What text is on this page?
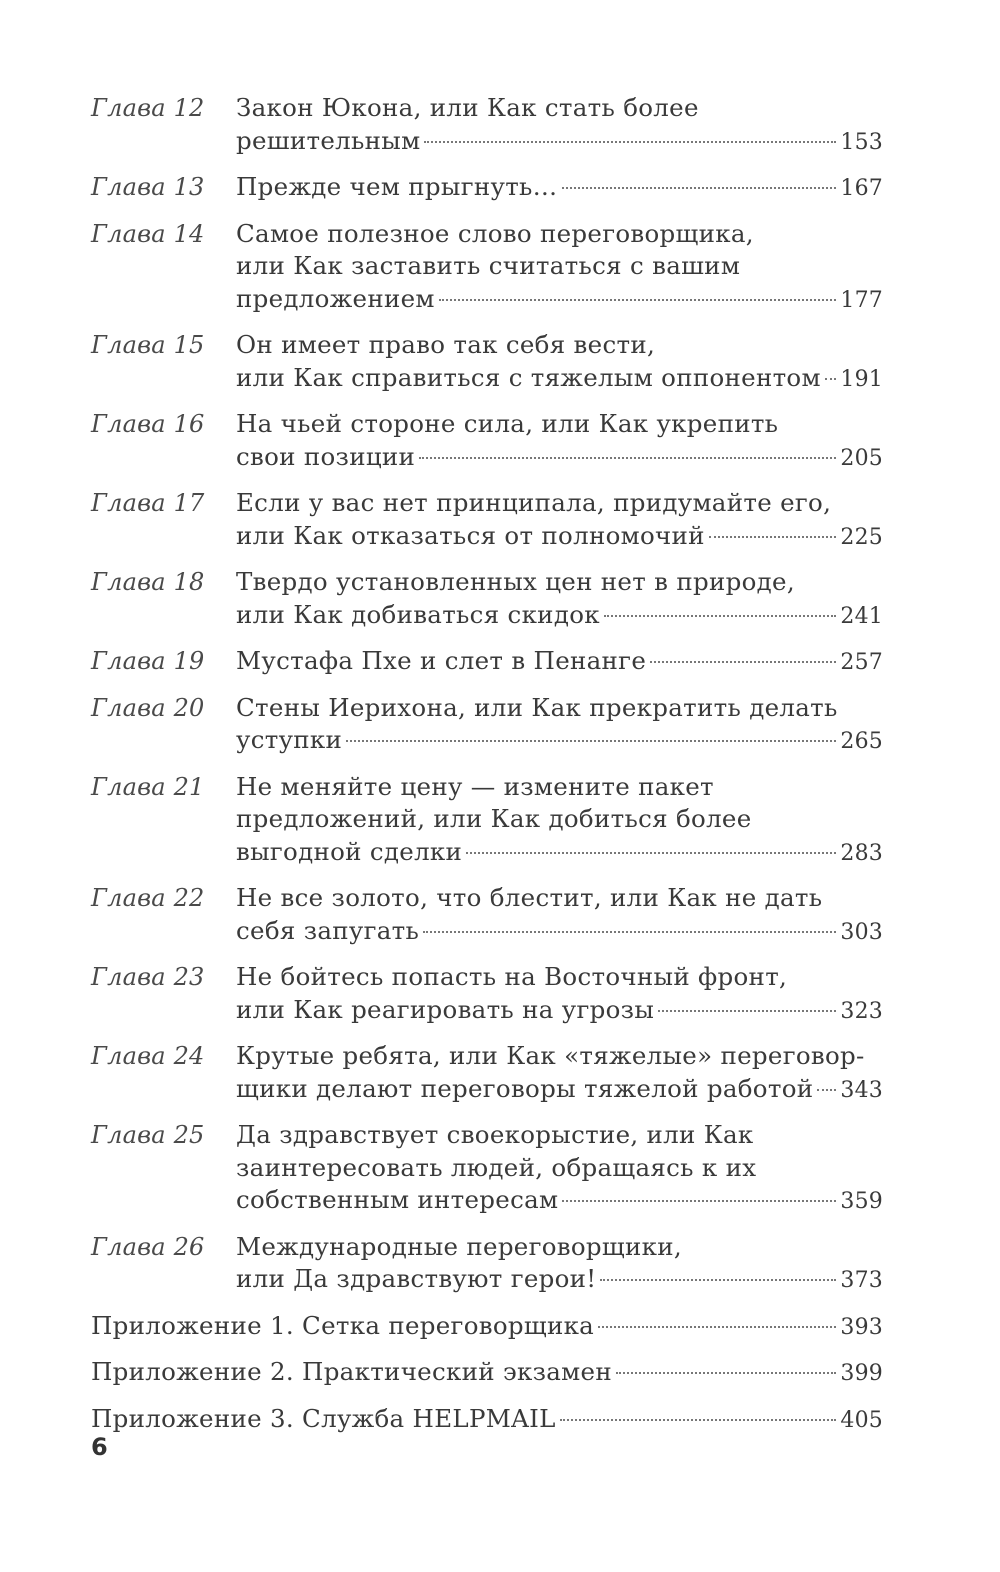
Глава 12	Закон Юкона, или Как стать более
решительным	153
Глава 13	Прежде чем прыгнуть…	167
Глава 14	Самое полезное слово переговорщика,
или Как заставить считаться с вашим
предложением	177
Глава 15	Он имеет право так себя вести,
или Как справиться с тяжелым оппонентом 191
Глава 16	На чьей стороне сила, или Как укрепить
свои позиции	205
Глава 17	Если у вас нет принципала, придумайте его,
или Как отказаться от полномочий	225
Глава 18	Твердо установленных цен нет в природе,
или Как добиваться скидок	241
Глава 19	Мустафа Пхе и слет в Пенанге	257
Глава 20	Стены Иерихона, или Как прекратить делать
уступки	265
Глава 21	Не меняйте цену — измените пакет
предложений, или Как добиться более
выгодной сделки	283
Глава 22	Не все золото, что блестит, или Как не дать
себя запугать	303
Глава 23	Не бойтесь попасть на Восточный фронт,
или Как реагировать на угрозы	323
Глава 24	Крутые ребята, или Как «тяжелые» переговор-
щики делают переговоры тяжелой работой 343
Глава 25	Да здравствует своекорыстие, или Как
заинтересовать людей, обращаясь к их
собственным интересам	359
Глава 26	Международные переговорщики,
или Да здравствуют герои!	373
Приложение 1. Сетка переговорщика	393
Приложение 2. Практический экзамен	399
Приложение 3. Служба HELPMAIL	405
6
